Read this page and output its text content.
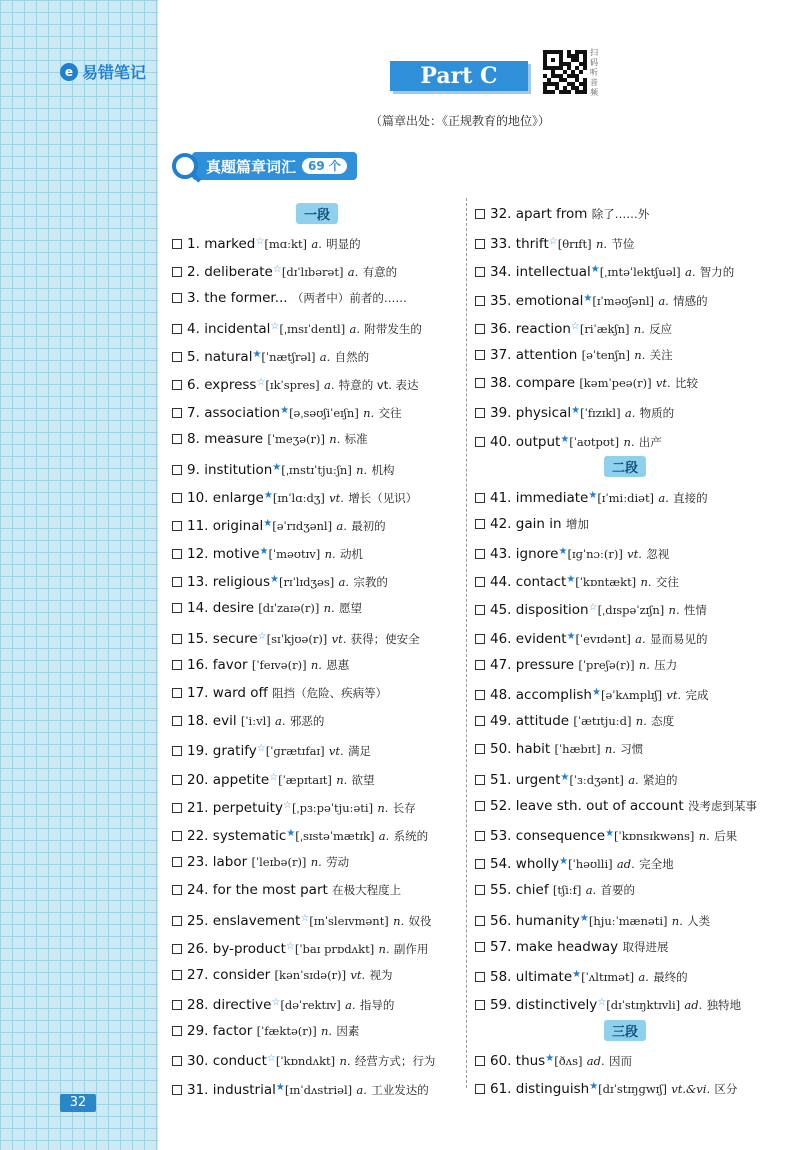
e 易错笔记
32
Part C
扫码听音频
（篇章出处：《正规教育的地位》）
真题篇章词汇	69 个
一段
1. marked☆[mɑːkt] a. 明显的
2. deliberate☆[dɪˈlɪbərət] a. 有意的
3. the former... （两者中）前者的……
4. incidental☆[ˌɪnsɪˈdentl] a. 附带发生的
5. natural★[ˈnætʃrəl] a. 自然的
6. express☆[ɪkˈspres] a. 特意的 vt. 表达
7. association★[əˌsəʊʃiˈeɪʃn] n. 交往
8. measure [ˈmeʒə(r)] n. 标准
9. institution★[ˌɪnstɪˈtjuːʃn] n. 机构
10. enlarge★[ɪnˈlɑːdʒ] vt. 增长（见识）
11. original★[əˈrɪdʒənl] a. 最初的
12. motive★[ˈməʊtɪv] n. 动机
13. religious★[rɪˈlɪdʒəs] a. 宗教的
14. desire [dɪˈzaɪə(r)] n. 愿望
15. secure☆[sɪˈkjʊə(r)] vt. 获得；使安全
16. favor [ˈfeɪvə(r)] n. 恩惠
17. ward off 阻挡（危险、疾病等）
18. evil [ˈiːvl] a. 邪恶的
19. gratify☆[ˈɡrætɪfaɪ] vt. 满足
20. appetite☆[ˈæpɪtaɪt] n. 欲望
21. perpetuity☆[ˌpɜːpəˈtjuːəti] n. 长存
22. systematic★[ˌsɪstəˈmætɪk] a. 系统的
23. labor [ˈleɪbə(r)] n. 劳动
24. for the most part 在极大程度上
25. enslavement☆[ɪnˈsleɪvmənt] n. 奴役
26. by-product☆[ˈbaɪ prɒdʌkt] n. 副作用
27. consider [kənˈsɪdə(r)] vt. 视为
28. directive☆[dəˈrektɪv] a. 指导的
29. factor [ˈfæktə(r)] n. 因素
30. conduct☆[ˈkɒndʌkt] n. 经营方式；行为
31. industrial★[ɪnˈdʌstriəl] a. 工业发达的
32. apart from 除了……外
33. thrift☆[θrɪft] n. 节俭
34. intellectual★[ˌɪntəˈlektʃuəl] a. 智力的
35. emotional★[ɪˈməʊʃənl] a. 情感的
36. reaction☆[riˈækʃn] n. 反应
37. attention [əˈtenʃn] n. 关注
38. compare [kəmˈpeə(r)] vt. 比较
39. physical★[ˈfɪzɪkl] a. 物质的
40. output★[ˈaʊtpʊt] n. 出产
二段
41. immediate★[ɪˈmiːdiət] a. 直接的
42. gain in 增加
43. ignore★[ɪɡˈnɔː(r)] vt. 忽视
44. contact★[ˈkɒntækt] n. 交往
45. disposition☆[ˌdɪspəˈzɪʃn] n. 性情
46. evident★[ˈevɪdənt] a. 显而易见的
47. pressure [ˈpreʃə(r)] n. 压力
48. accomplish★[əˈkʌmplɪʃ] vt. 完成
49. attitude [ˈætɪtjuːd] n. 态度
50. habit [ˈhæbɪt] n. 习惯
51. urgent★[ˈɜːdʒənt] a. 紧迫的
52. leave sth. out of account 没考虑到某事
53. consequence★[ˈkɒnsɪkwəns] n. 后果
54. wholly★[ˈhəʊlli] ad. 完全地
55. chief [tʃiːf] a. 首要的
56. humanity★[hjuːˈmænəti] n. 人类
57. make headway 取得进展
58. ultimate★[ˈʌltɪmət] a. 最终的
59. distinctively☆[dɪˈstɪŋktɪvli] ad. 独特地
三段
60. thus★[ðʌs] ad. 因而
61. distinguish★[dɪˈstɪŋɡwɪʃ] vt.&vi. 区分
